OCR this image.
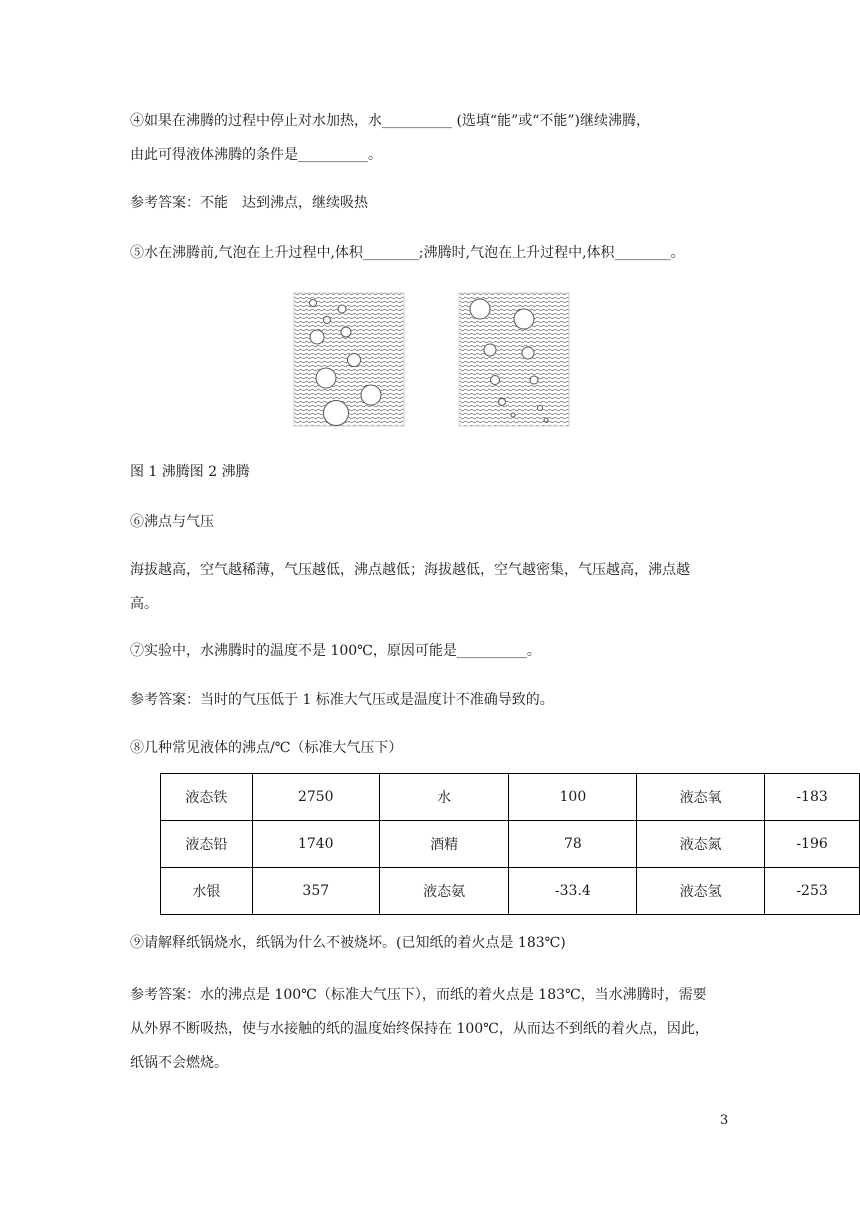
④如果在沸腾的过程中停止对水加热，水__________ (选填“能”或“不能”)继续沸腾，
由此可得液体沸腾的条件是__________。
参考答案：不能　达到沸点，继续吸热
⑤水在沸腾前,气泡在上升过程中,体积________;沸腾时,气泡在上升过程中,体积________。
图 1 沸腾图 2 沸腾
⑥沸点与气压
海拔越高，空气越稀薄，气压越低，沸点越低；海拔越低，空气越密集，气压越高，沸点越
高。
⑦实验中，水沸腾时的温度不是 100℃，原因可能是__________。
参考答案：当时的气压低于 1 标准大气压或是温度计不准确导致的。
⑧几种常见液体的沸点/℃（标准大气压下）
液态铁	2750	水	100	液态氧	-183
液态铅	1740	酒精	78	液态氮	-196
水银	357	液态氨	-33.4	液态氢	-253
⑨请解释纸锅烧水，纸锅为什么不被烧坏。(已知纸的着火点是 183℃)
参考答案：水的沸点是 100℃（标准大气压下），而纸的着火点是 183℃，当水沸腾时，需要
从外界不断吸热，使与水接触的纸的温度始终保持在 100℃，从而达不到纸的着火点，因此，
纸锅不会燃烧。
3
